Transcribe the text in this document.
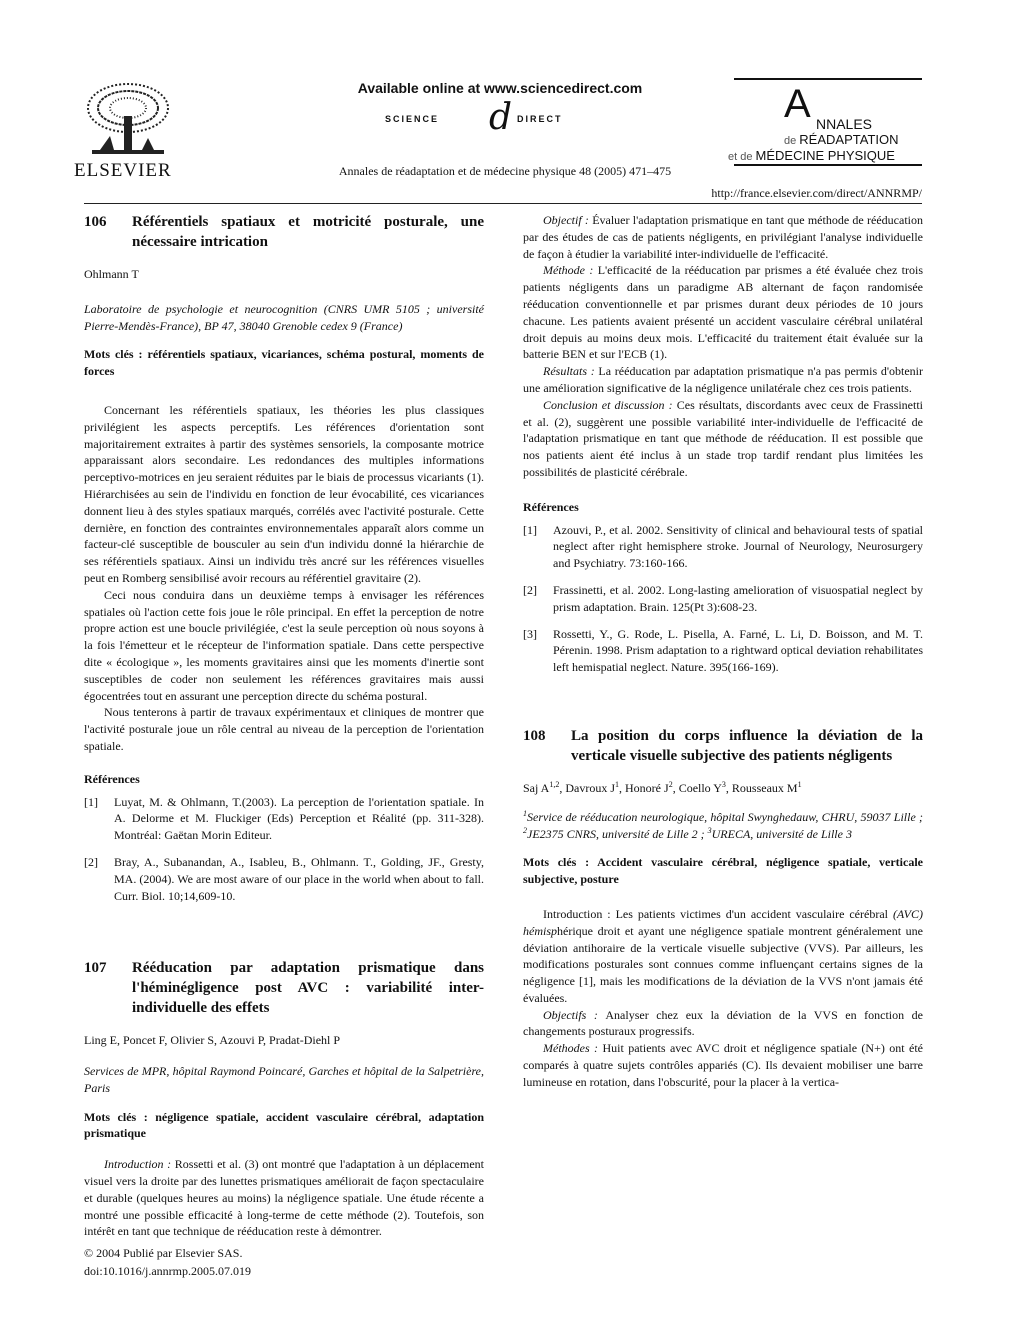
ELSEVIER
Available online at www.sciencedirect.com
SCIENCE d DIRECT
Annales de réadaptation et de médecine physique 48 (2005) 471–475
http://france.elsevier.com/direct/ANNRMP/
A NNALES
de RÉADAPTATION
et de MÉDECINE PHYSIQUE
106	Référentiels spatiaux et motricité posturale, une nécessaire intrication

Ohlmann T

Laboratoire de psychologie et neurocognition (CNRS UMR 5105 ; université Pierre-Mendès-France), BP 47, 38040 Grenoble cedex 9 (France)

Mots clés : référentiels spatiaux, vicariances, schéma postural, moments de forces

Concernant les référentiels spatiaux, les théories les plus classiques privilégient les aspects perceptifs. Les références d'orientation sont majoritairement extraites à partir des systèmes sensoriels, la composante motrice apparaissant alors secondaire. Les redondances des multiples informations perceptivo-motrices en jeu seraient réduites par le biais de processus vicariants (1). Hiérarchisées au sein de l'individu en fonction de leur évocabilité, ces vicariances donnent lieu à des styles spatiaux marqués, corrélés avec l'activité posturale. Cette dernière, en fonction des contraintes environnementales apparaît alors comme un facteur-clé susceptible de bousculer au sein d'un individu donné la hiérarchie de ses référentiels spatiaux. Ainsi un individu très ancré sur les références visuelles peut en Romberg sensibilisé avoir recours au référentiel gravitaire (2).

Ceci nous conduira dans un deuxième temps à envisager les références spatiales où l'action cette fois joue le rôle principal. En effet la perception de notre propre action est une boucle privilégiée, c'est la seule perception où nous soyons à la fois l'émetteur et le récepteur de l'information spatiale. Dans cette perspective dite « écologique », les moments gravitaires ainsi que les moments d'inertie sont susceptibles de coder non seulement les références gravitaires mais aussi égocentrées tout en assurant une perception directe du schéma postural.

Nous tenterons à partir de travaux expérimentaux et cliniques de montrer que l'activité posturale joue un rôle central au niveau de la perception de l'orientation spatiale.

Références

[1]	Luyat, M. & Ohlmann, T.(2003). La perception de l'orientation spatiale. In A. Delorme et M. Fluckiger (Eds) Perception et Réalité (pp. 311-328). Montréal: Gaëtan Morin Editeur.
[2]	Bray, A., Subanandan, A., Isableu, B., Ohlmann. T., Golding, JF., Gresty, MA. (2004). We are most aware of our place in the world when about to fall. Curr. Biol. 10;14,609-10.
107	Rééducation par adaptation prismatique dans l'héminégligence post AVC : variabilité inter-individuelle des effets

Ling E, Poncet F, Olivier S, Azouvi P, Pradat-Diehl P

Services de MPR, hôpital Raymond Poincaré, Garches et hôpital de la Salpetrière, Paris

Mots clés : négligence spatiale, accident vasculaire cérébral, adaptation prismatique

Introduction : Rossetti et al. (3) ont montré que l'adaptation à un déplacement visuel vers la droite par des lunettes prismatiques améliorait de façon spectaculaire et durable (quelques heures au moins) la négligence spatiale. Une étude récente a montré une possible efficacité à long-terme de cette méthode (2). Toutefois, son intérêt en tant que technique de rééducation reste à démontrer.

Objectif : Évaluer l'adaptation prismatique en tant que méthode de rééducation par des études de cas de patients négligents, en privilégiant l'analyse individuelle de façon à étudier la variabilité inter-individuelle de l'efficacité.

Méthode : L'efficacité de la rééducation par prismes a été évaluée chez trois patients négligents dans un paradigme AB alternant de façon randomisée rééducation conventionnelle et par prismes durant deux périodes de 10 jours chacune. Les patients avaient présenté un accident vasculaire cérébral unilatéral droit depuis au moins deux mois. L'efficacité du traitement était évaluée sur la batterie BEN et sur l'ECB (1).

Résultats : La rééducation par adaptation prismatique n'a pas permis d'obtenir une amélioration significative de la négligence unilatérale chez ces trois patients.

Conclusion et discussion : Ces résultats, discordants avec ceux de Frassinetti et al. (2), suggèrent une possible variabilité inter-individuelle de l'efficacité de l'adaptation prismatique en tant que méthode de rééducation. Il est possible que nos patients aient été inclus à un stade trop tardif rendant plus limitées les possibilités de plasticité cérébrale.

Références

[1]	Azouvi, P., et al. 2002. Sensitivity of clinical and behavioural tests of spatial neglect after right hemisphere stroke. Journal of Neurology, Neurosurgery and Psychiatry. 73:160-166.
[2]	Frassinetti, et al. 2002. Long-lasting amelioration of visuospatial neglect by prism adaptation. Brain. 125(Pt 3):608-23.
[3]	Rossetti, Y., G. Rode, L. Pisella, A. Farné, L. Li, D. Boisson, and M. T. Pérenin. 1998. Prism adaptation to a rightward optical deviation rehabilitates left hemispatial neglect. Nature. 395(166-169).
108	La position du corps influence la déviation de la verticale visuelle subjective des patients négligents

Saj A$^{1,2}$, Davroux $J^1$, Honoré $J^2$, Coello $Y^3$, Rousseaux $M^1$

$^1$Service de rééducation neurologique, hôpital Swynghedauw, CHRU, 59037 Lille ; $^2$JE2375 CNRS, université de Lille 2 ; $^3$URECA, université de Lille 3

Mots clés : Accident vasculaire cérébral, négligence spatiale, verticale subjective, posture

Introduction : Les patients victimes d'un accident vasculaire cérébral (AVC) hémisphérique droit et ayant une négligence spatiale montrent généralement une déviation antihoraire de la verticale visuelle subjective (VVS). Par ailleurs, les modifications posturales sont connues comme influençant certains signes de la négligence [1], mais les modifications de la déviation de la VVS n'ont jamais été évaluées.

Objectifs : Analyser chez eux la déviation de la VVS en fonction de changements posturaux progressifs.

Méthodes : Huit patients avec AVC droit et négligence spatiale (N+) ont été comparés à quatre sujets contrôles appariés (C). Ils devaient mobiliser une barre lumineuse en rotation, dans l'obscurité, pour la placer à la vertica-

© 2004 Publié par Elsevier SAS.
doi:10.1016/j.annrmp.2005.07.019
